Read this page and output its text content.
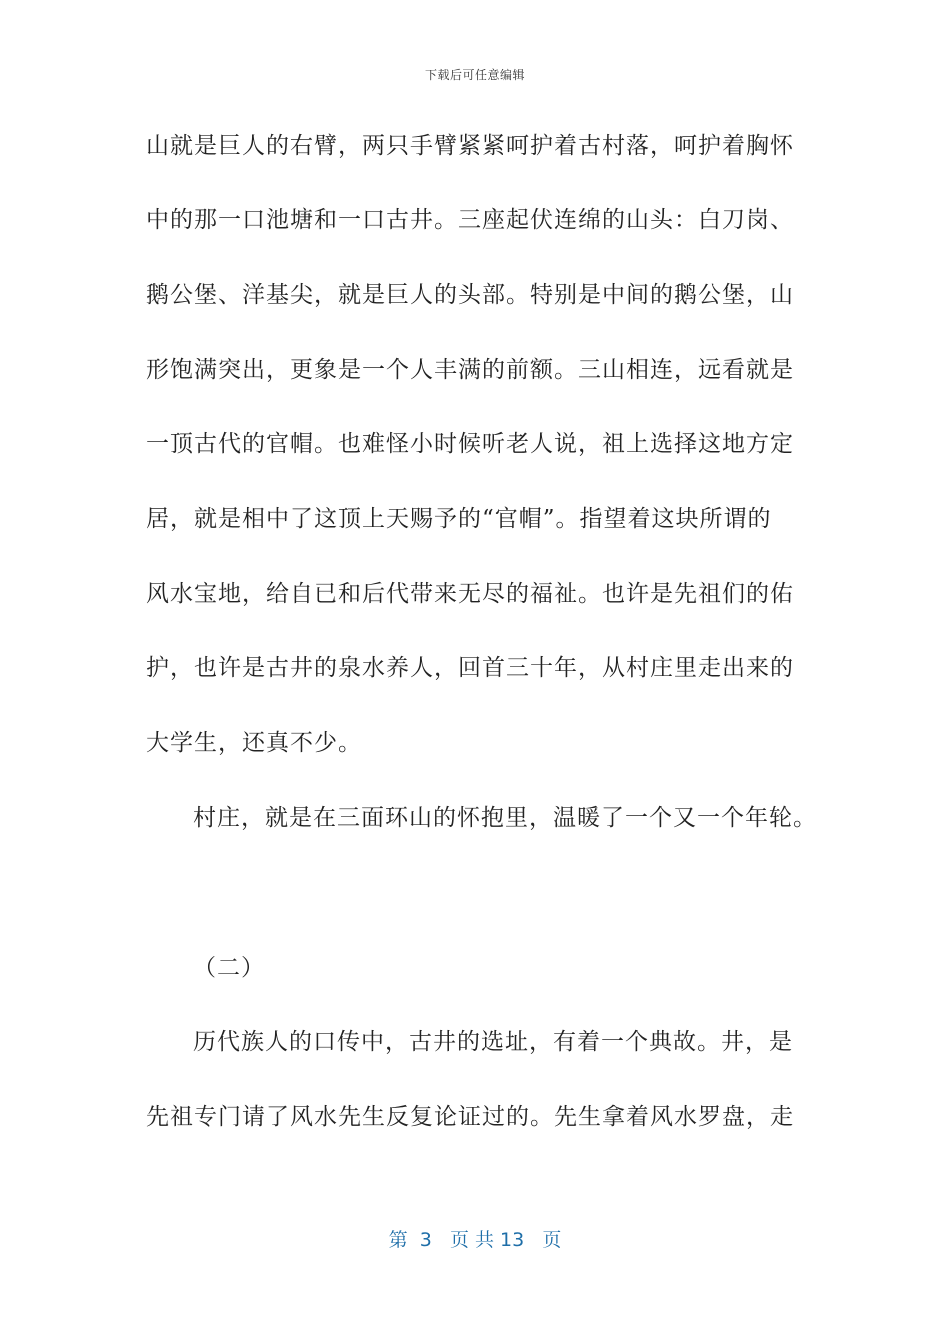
下载后可任意编辑
山就是巨人的右臂，两只手臂紧紧呵护着古村落，呵护着胸怀
中的那一口池塘和一口古井。三座起伏连绵的山头：白刀岗、
鹅公堡、洋基尖，就是巨人的头部。特别是中间的鹅公堡，山
形饱满突出，更象是一个人丰满的前额。三山相连，远看就是
一顶古代的官帽。也难怪小时候听老人说，祖上选择这地方定
居，就是相中了这顶上天赐予的“官帽”。指望着这块所谓的
风水宝地，给自已和后代带来无尽的福祉。也许是先祖们的佑
护，也许是古井的泉水养人，回首三十年，从村庄里走出来的
大学生，还真不少。
村庄，就是在三面环山的怀抱里，温暖了一个又一个年轮。
（二）
历代族人的口传中，古井的选址，有着一个典故。井，是
先祖专门请了风水先生反复论证过的。先生拿着风水罗盘，走
第  3   页 共 13   页
